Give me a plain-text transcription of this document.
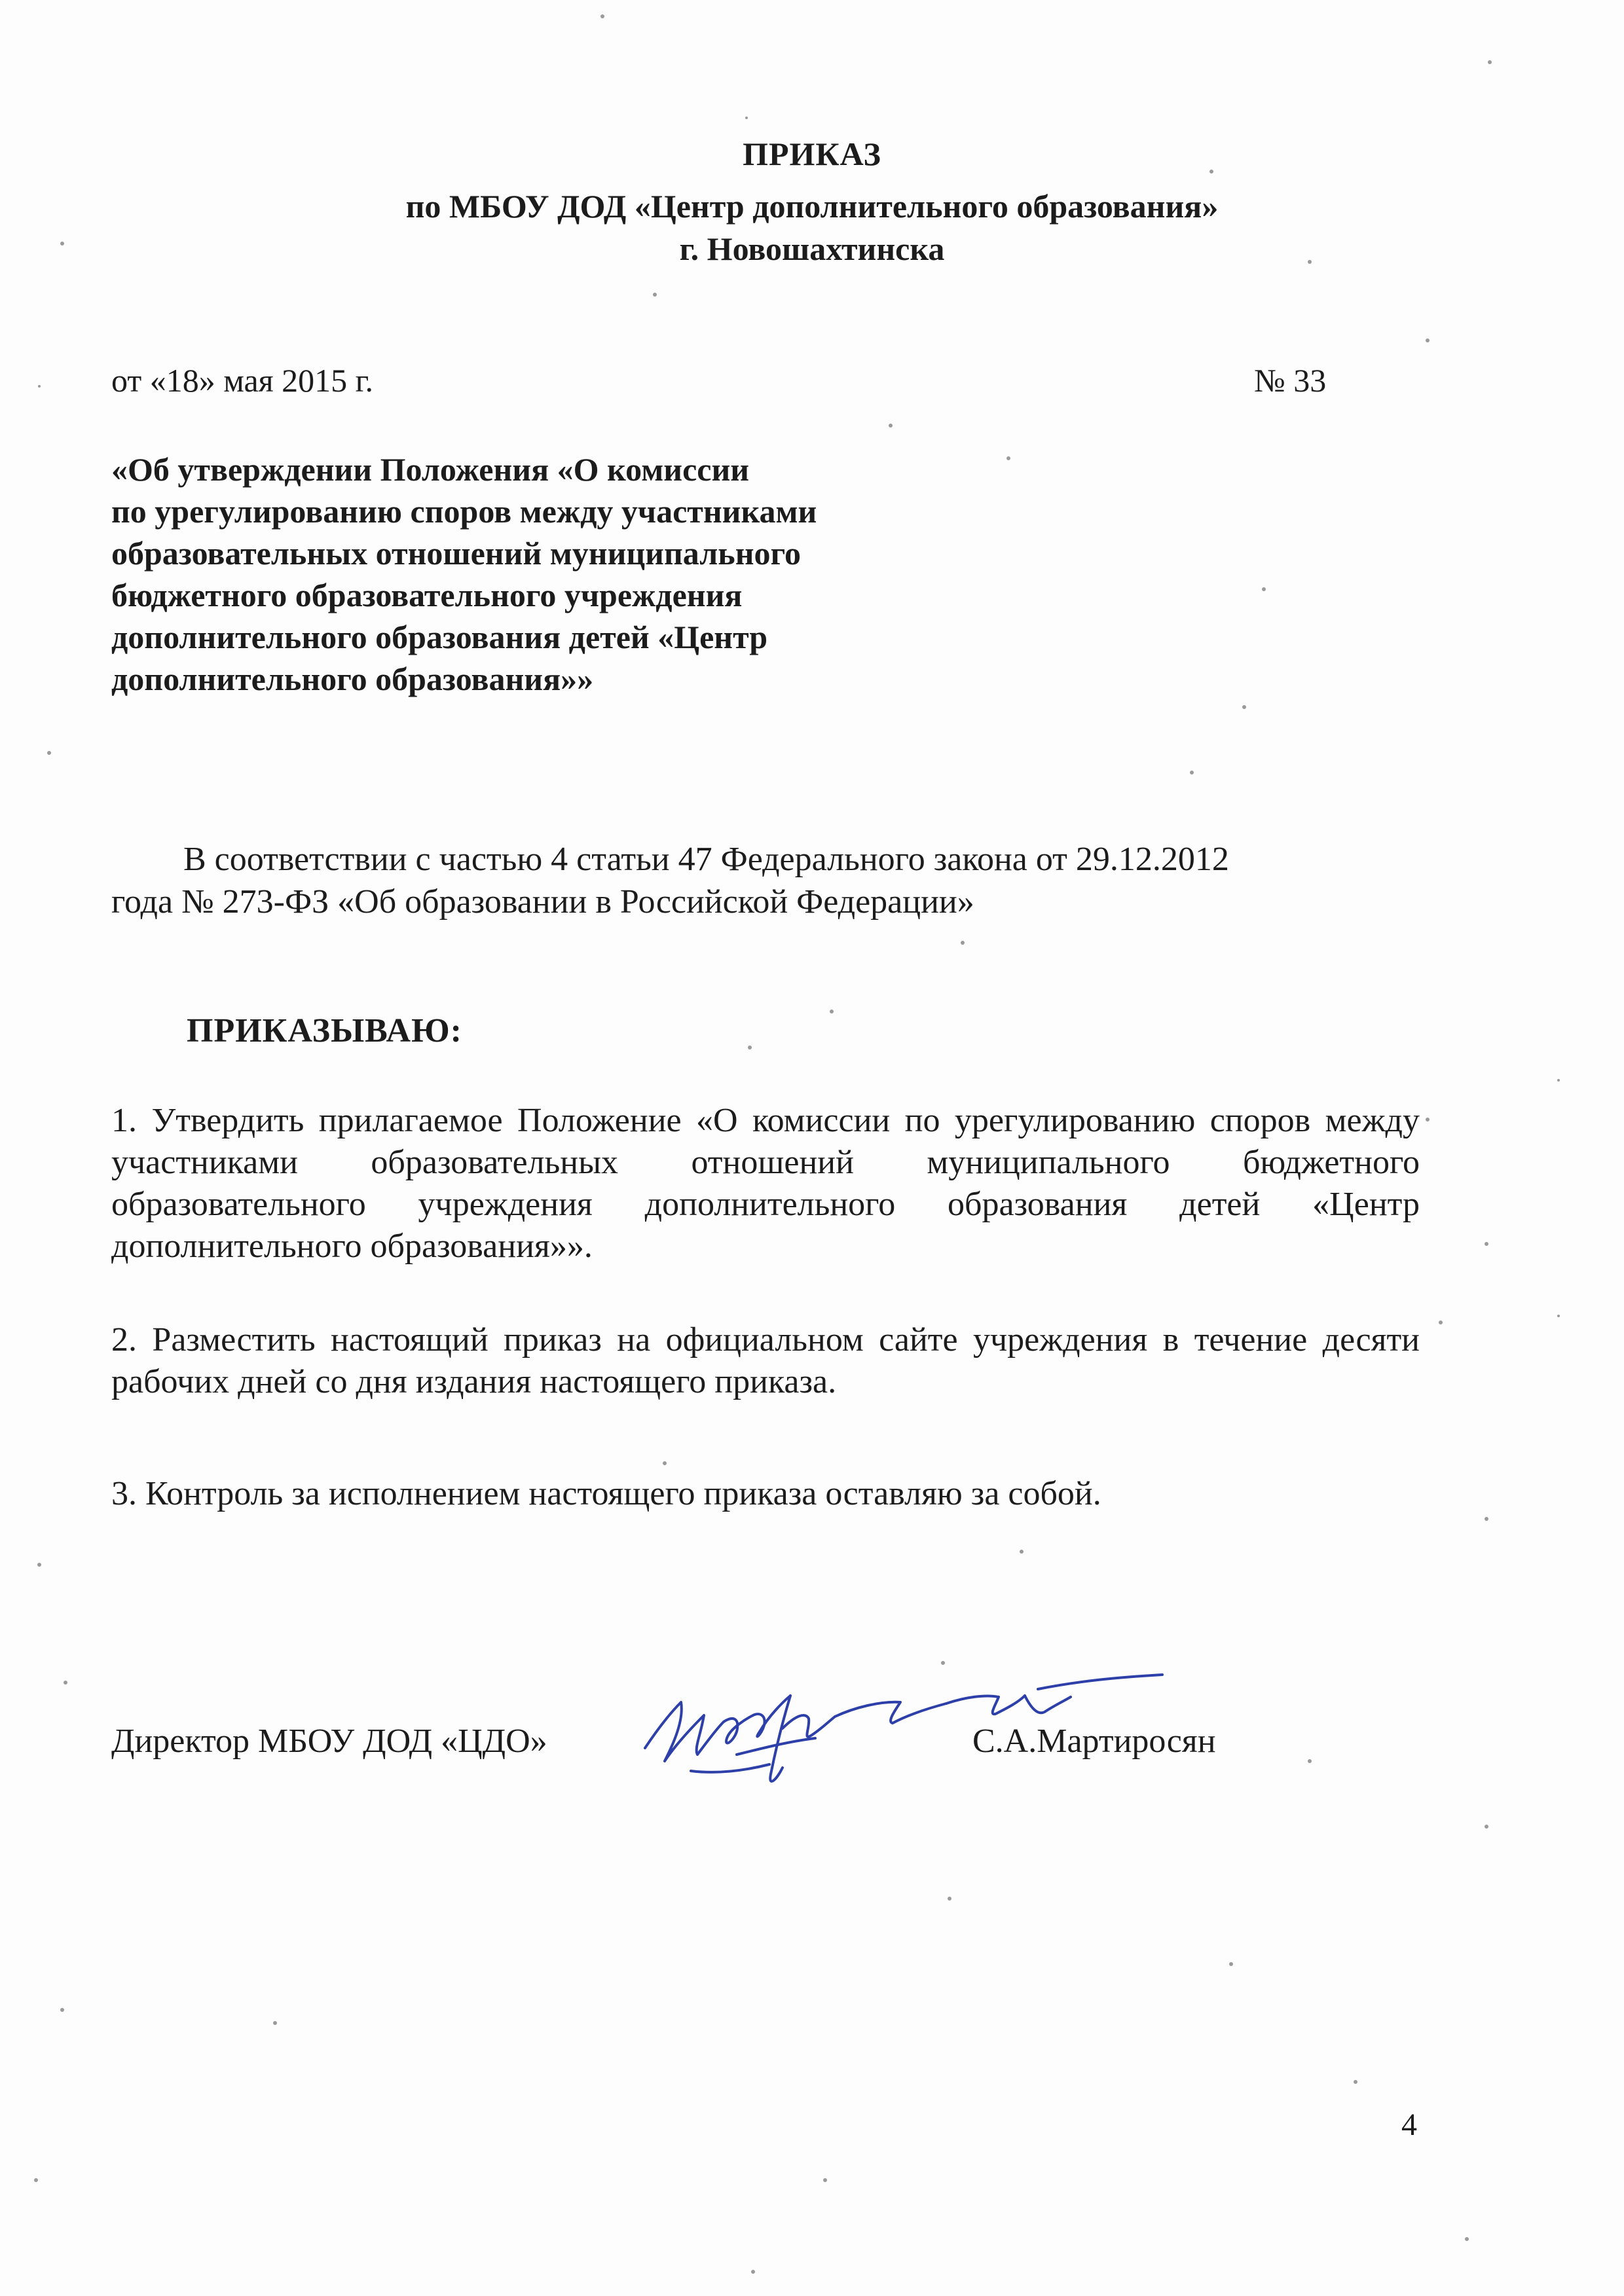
ПРИКАЗ
по МБОУ ДОД «Центр дополнительного образования»
г. Новошахтинска
от «18» мая 2015 г.	№ 33
«Об утверждении Положения «О комиссии
по урегулированию споров между участниками
образовательных отношений муниципального
бюджетного образовательного учреждения
дополнительного образования детей «Центр
дополнительного образования»»
В соответствии с частью 4 статьи 47 Федерального закона от 29.12.2012
года № 273-ФЗ «Об образовании в Российской Федерации»
ПРИКАЗЫВАЮ:
1. Утвердить прилагаемое Положение «О комиссии по урегулированию споров между участниками образовательных отношений муниципального бюджетного образовательного учреждения дополнительного образования детей «Центр дополнительного образования»».
2. Разместить настоящий приказ на официальном сайте учреждения в течение десяти рабочих дней со дня издания настоящего приказа.
3. Контроль за исполнением настоящего приказа оставляю за собой.
Директор МБОУ ДОД «ЦДО»	С.А.Мартиросян
4
